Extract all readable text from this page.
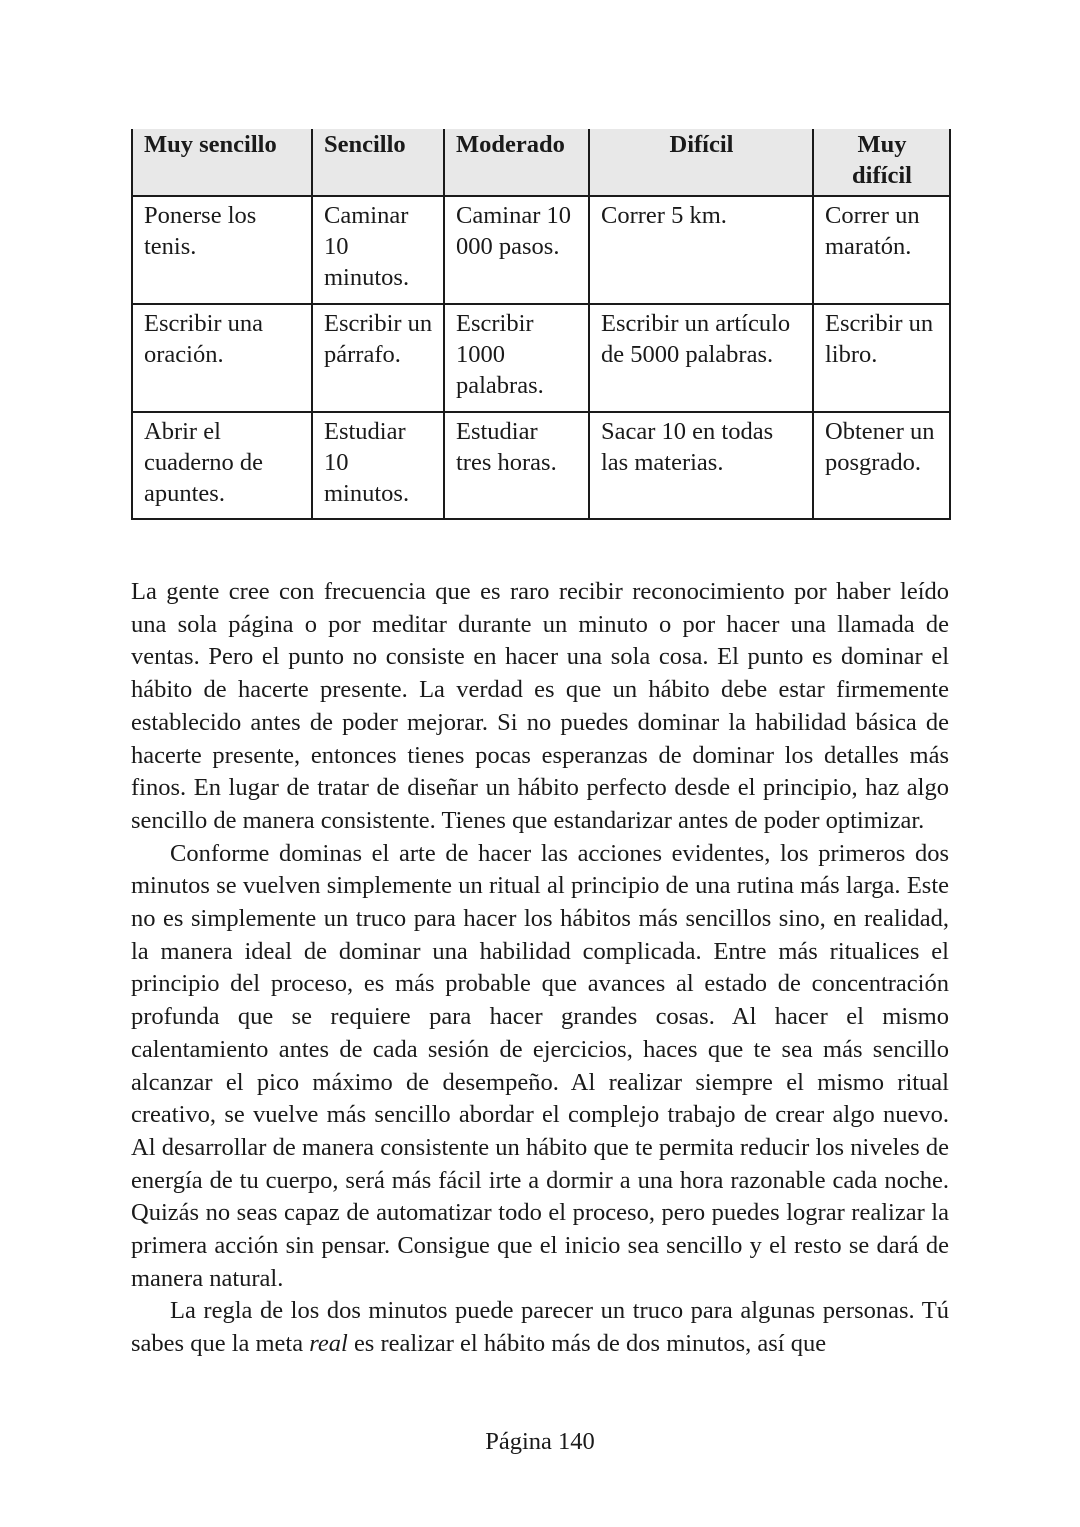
Muy sencillo	Sencillo	Moderado	Difícil	Muy difícil
Ponerse los tenis.	Caminar 10 minutos.	Caminar 10 000 pasos.	Correr 5 km.	Correr un maratón.
Escribir una oración.	Escribir un párrafo.	Escribir 1000 palabras.	Escribir un artículo de 5000 palabras.	Escribir un libro.
Abrir el cuaderno de apuntes.	Estudiar 10 minutos.	Estudiar tres horas.	Sacar 10 en todas las materias.	Obtener un posgrado.

La gente cree con frecuencia que es raro recibir reconocimiento por haber leído una sola página o por meditar durante un minuto o por hacer una llamada de ventas. Pero el punto no consiste en hacer una sola cosa. El punto es dominar el hábito de hacerte presente. La verdad es que un hábito debe estar firmemente establecido antes de poder mejorar. Si no puedes dominar la habilidad básica de hacerte presente, entonces tienes pocas esperanzas de dominar los detalles más finos. En lugar de tratar de diseñar un hábito perfecto desde el principio, haz algo sencillo de manera consistente. Tienes que estandarizar antes de poder optimizar.

Conforme dominas el arte de hacer las acciones evidentes, los primeros dos minutos se vuelven simplemente un ritual al principio de una rutina más larga. Este no es simplemente un truco para hacer los hábitos más sencillos sino, en realidad, la manera ideal de dominar una habilidad complicada. Entre más ritualices el principio del proceso, es más probable que avances al estado de concentración profunda que se requiere para hacer grandes cosas. Al hacer el mismo calentamiento antes de cada sesión de ejercicios, haces que te sea más sencillo alcanzar el pico máximo de desempeño. Al realizar siempre el mismo ritual creativo, se vuelve más sencillo abordar el complejo trabajo de crear algo nuevo. Al desarrollar de manera consistente un hábito que te permita reducir los niveles de energía de tu cuerpo, será más fácil irte a dormir a una hora razonable cada noche. Quizás no seas capaz de automatizar todo el proceso, pero puedes lograr realizar la primera acción sin pensar. Consigue que el inicio sea sencillo y el resto se dará de manera natural.

La regla de los dos minutos puede parecer un truco para algunas personas. Tú sabes que la meta real es realizar el hábito más de dos minutos, así que

Página 140
